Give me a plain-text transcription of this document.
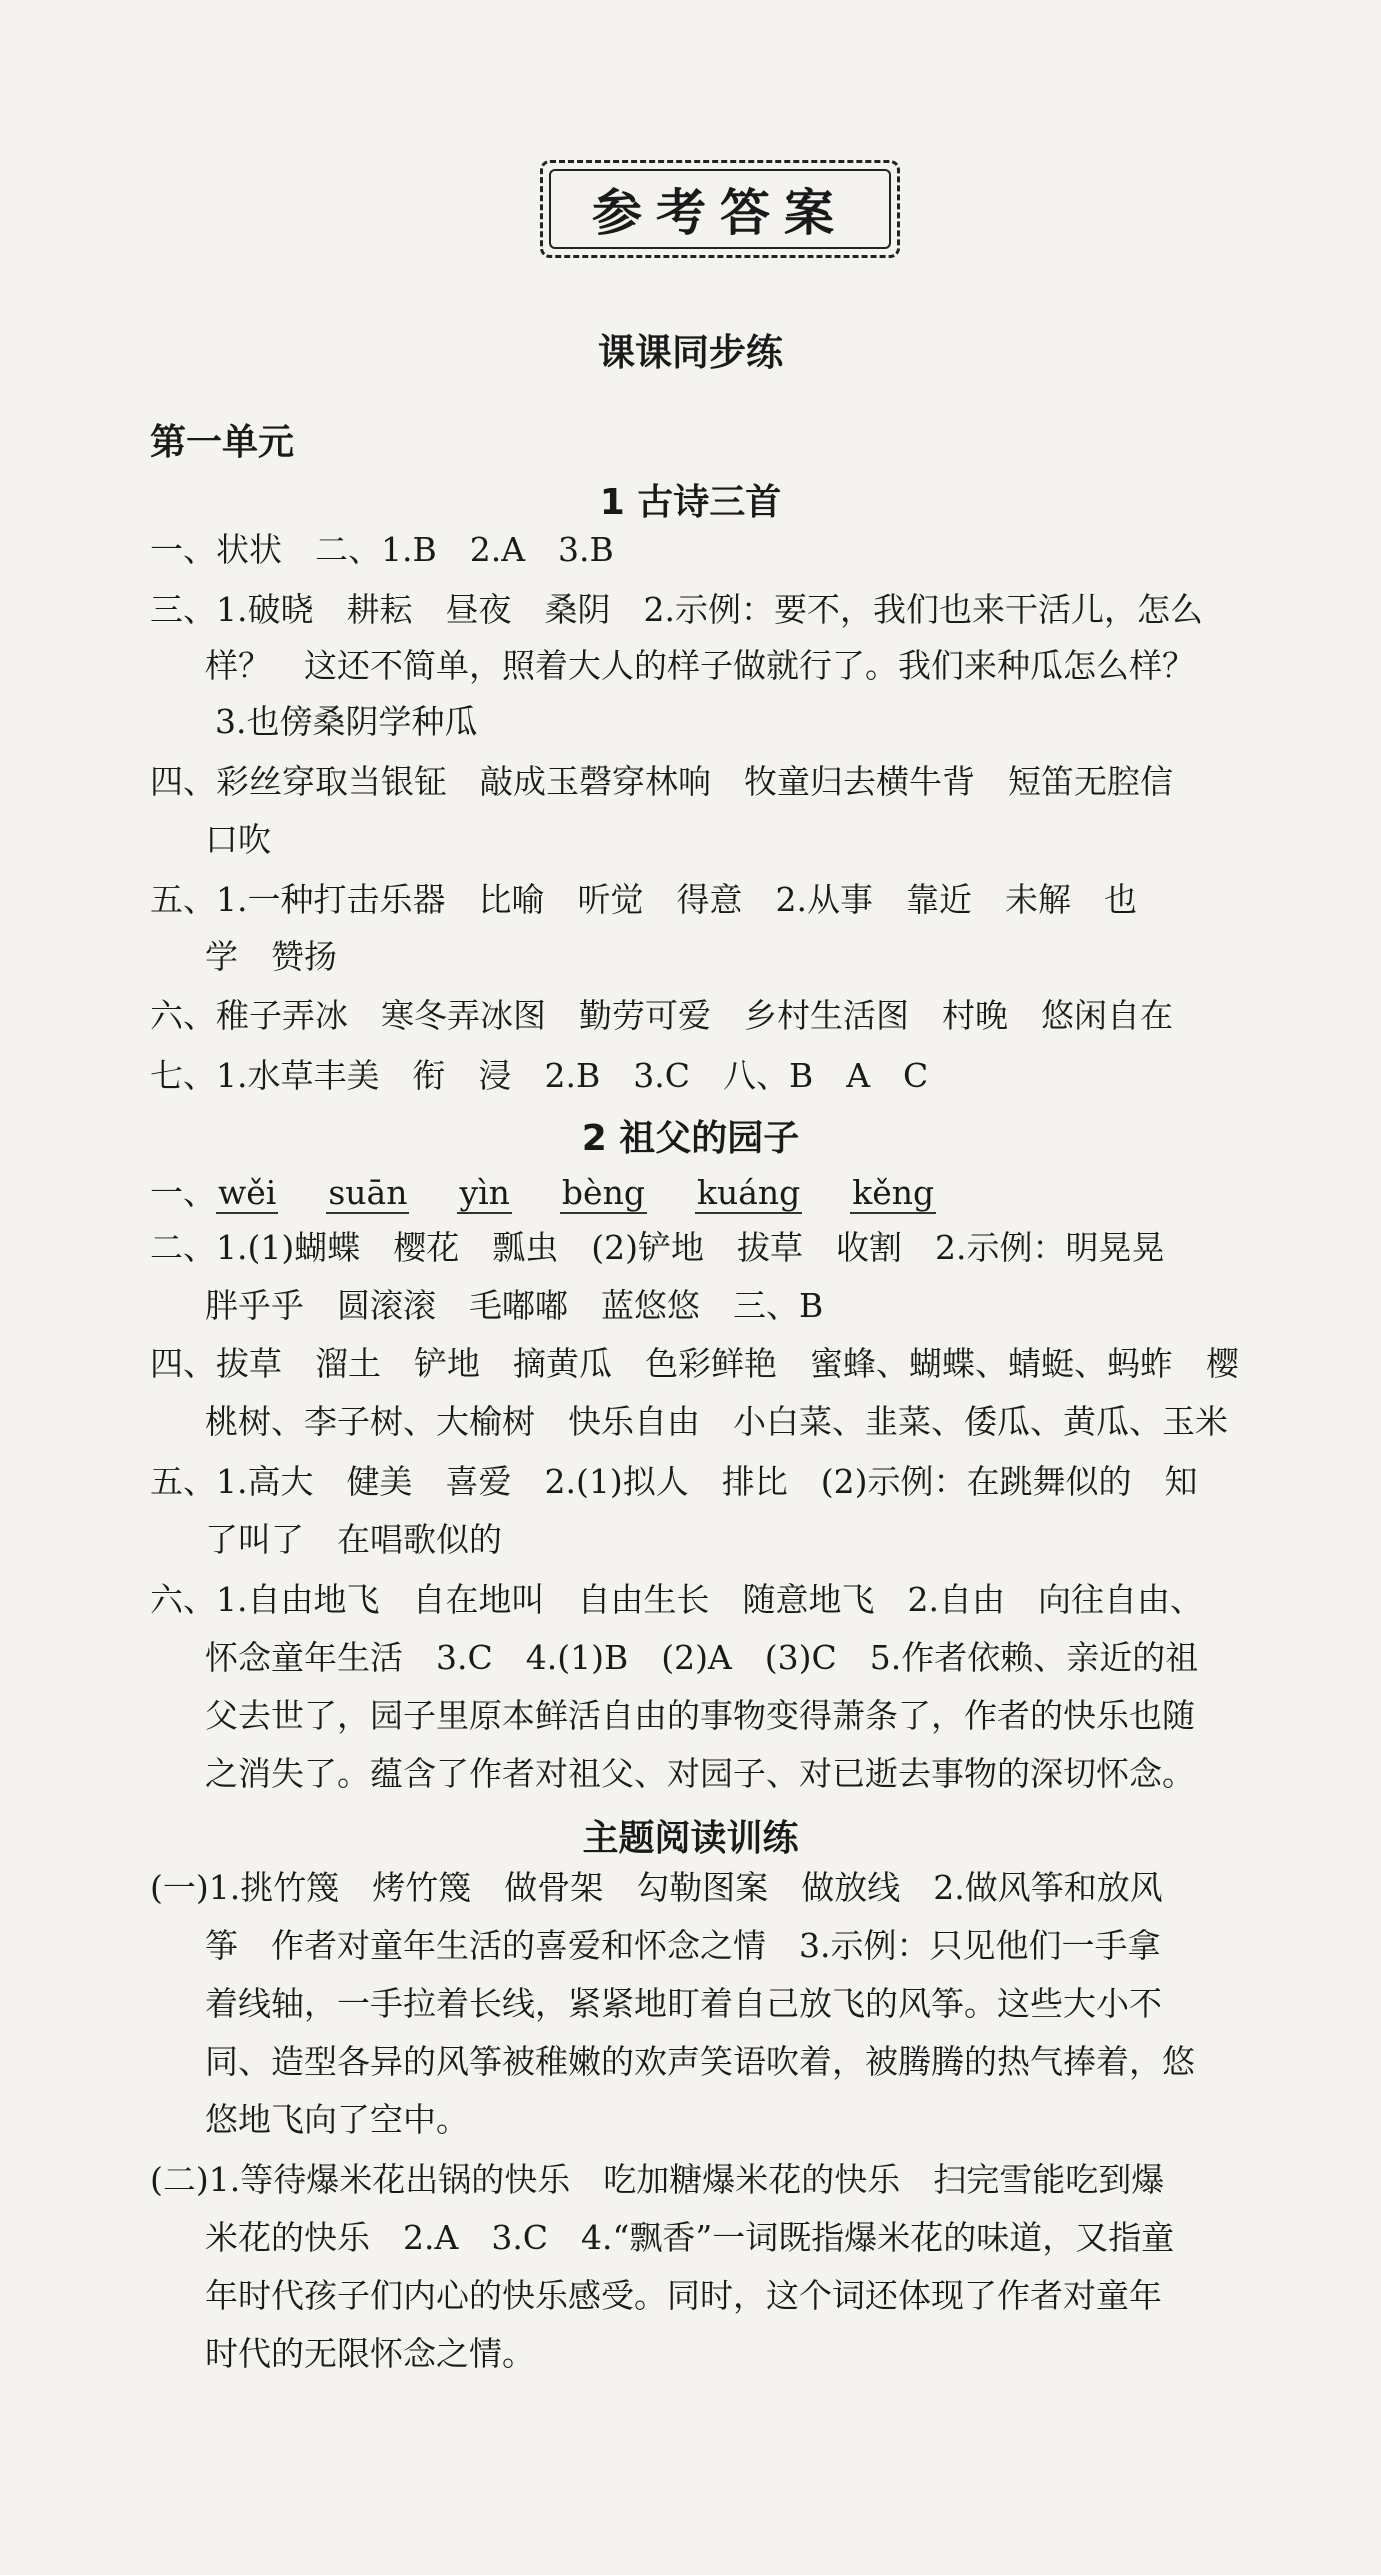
参考答案
课课同步练
第一单元
1 古诗三首
一、状状　二、1.B　2.A　3.B
三、1.破晓　耕耘　昼夜　桑阴　2.示例：要不，我们也来干活儿，怎么
样？　这还不简单，照着大人的样子做就行了。我们来种瓜怎么样？
3.也傍桑阴学种瓜
四、彩丝穿取当银钲　敲成玉磬穿林响　牧童归去横牛背　短笛无腔信
口吹
五、1.一种打击乐器　比喻　听觉　得意　2.从事　靠近　未解　也
学　赞扬
六、稚子弄冰　寒冬弄冰图　勤劳可爱　乡村生活图　村晚　悠闲自在
七、1.水草丰美　衔　浸　2.B　3.C　八、B　A　C
2 祖父的园子
一、wěi suān yìn bèng kuáng kěng
二、1.(1)蝴蝶　樱花　瓢虫　(2)铲地　拔草　收割　2.示例：明晃晃
胖乎乎　圆滚滚　毛嘟嘟　蓝悠悠　三、B
四、拔草　溜土　铲地　摘黄瓜　色彩鲜艳　蜜蜂、蝴蝶、蜻蜓、蚂蚱　樱
桃树、李子树、大榆树　快乐自由　小白菜、韭菜、倭瓜、黄瓜、玉米
五、1.高大　健美　喜爱　2.(1)拟人　排比　(2)示例：在跳舞似的　知
了叫了　在唱歌似的
六、1.自由地飞　自在地叫　自由生长　随意地飞　2.自由　向往自由、
怀念童年生活　3.C　4.(1)B　(2)A　(3)C　5.作者依赖、亲近的祖
父去世了，园子里原本鲜活自由的事物变得萧条了，作者的快乐也随
之消失了。蕴含了作者对祖父、对园子、对已逝去事物的深切怀念。
主题阅读训练
(一)1.挑竹篾　烤竹篾　做骨架　勾勒图案　做放线　2.做风筝和放风
筝　作者对童年生活的喜爱和怀念之情　3.示例：只见他们一手拿
着线轴，一手拉着长线，紧紧地盯着自己放飞的风筝。这些大小不
同、造型各异的风筝被稚嫩的欢声笑语吹着，被腾腾的热气捧着，悠
悠地飞向了空中。
(二)1.等待爆米花出锅的快乐　吃加糖爆米花的快乐　扫完雪能吃到爆
米花的快乐　2.A　3.C　4.“飘香”一词既指爆米花的味道，又指童
年时代孩子们内心的快乐感受。同时，这个词还体现了作者对童年
时代的无限怀念之情。
